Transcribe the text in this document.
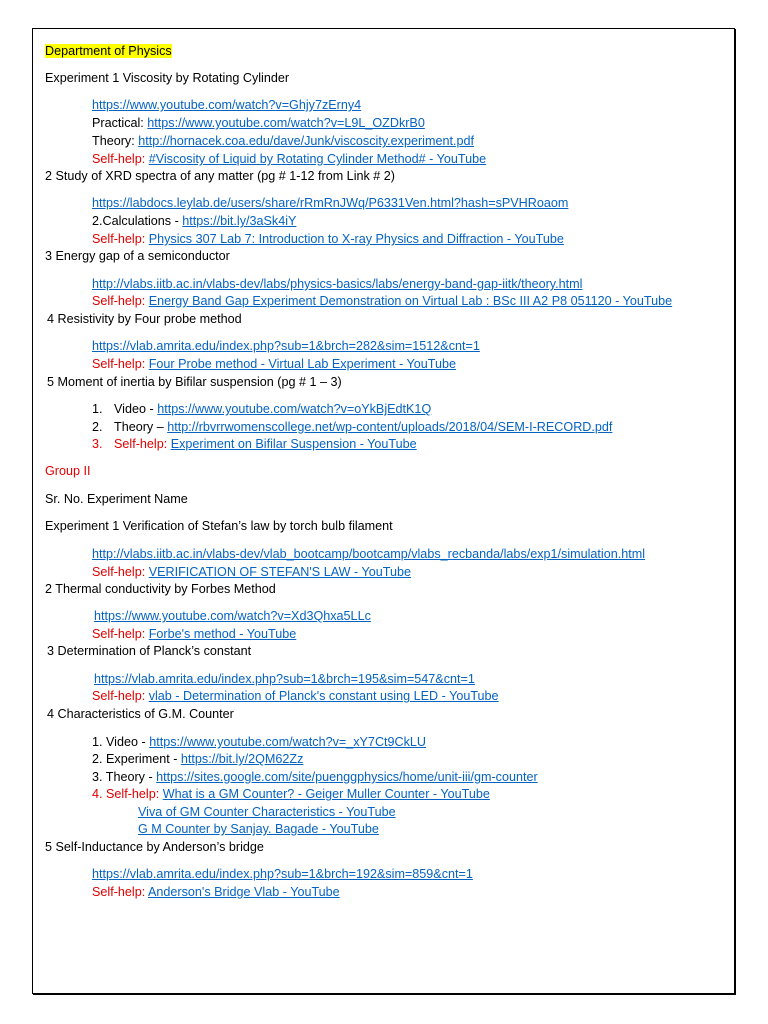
Department of Physics
Experiment 1 Viscosity by Rotating Cylinder
https://www.youtube.com/watch?v=Ghjy7zErny4
Practical: https://www.youtube.com/watch?v=L9L_OZDkrB0
Theory: http://hornacek.coa.edu/dave/Junk/viscoscity.experiment.pdf
Self-help: #Viscosity of Liquid by Rotating Cylinder Method# - YouTube
2 Study of XRD spectra of any matter (pg # 1-12 from Link # 2)
https://labdocs.leylab.de/users/share/rRmRnJWq/P6331Ven.html?hash=sPVHRoaom
2.Calculations - https://bit.ly/3aSk4iY
Self-help: Physics 307 Lab 7: Introduction to X-ray Physics and Diffraction - YouTube
3 Energy gap of a semiconductor
http://vlabs.iitb.ac.in/vlabs-dev/labs/physics-basics/labs/energy-band-gap-iitk/theory.html
Self-help: Energy Band Gap Experiment Demonstration on Virtual Lab : BSc III A2 P8 051120 - YouTube
4 Resistivity by Four probe method
https://vlab.amrita.edu/index.php?sub=1&brch=282&sim=1512&cnt=1
Self-help: Four Probe method - Virtual Lab Experiment - YouTube
5 Moment of inertia by Bifilar suspension (pg # 1 – 3)
1. Video - https://www.youtube.com/watch?v=oYkBjEdtK1Q
2. Theory – http://rbvrrwomenscollege.net/wp-content/uploads/2018/04/SEM-I-RECORD.pdf
3. Self-help: Experiment on Bifilar Suspension - YouTube
Group II
Sr. No. Experiment Name
Experiment 1 Verification of Stefan’s law by torch bulb filament
http://vlabs.iitb.ac.in/vlabs-dev/vlab_bootcamp/bootcamp/vlabs_recbanda/labs/exp1/simulation.html
Self-help: VERIFICATION OF STEFAN'S LAW - YouTube
2 Thermal conductivity by Forbes Method
https://www.youtube.com/watch?v=Xd3Qhxa5LLc
Self-help: Forbe's method - YouTube
3 Determination of Planck’s constant
https://vlab.amrita.edu/index.php?sub=1&brch=195&sim=547&cnt=1
Self-help: vlab - Determination of Planck's constant using LED - YouTube
4 Characteristics of G.M. Counter
1. Video - https://www.youtube.com/watch?v=_xY7Ct9CkLU
2. Experiment - https://bit.ly/2QM62Zz
3. Theory - https://sites.google.com/site/puenggphysics/home/unit-iii/gm-counter
4. Self-help: What is a GM Counter? - Geiger Muller Counter - YouTube
Viva of GM Counter Characteristics - YouTube
G M Counter by Sanjay. Bagade - YouTube
5 Self-Inductance by Anderson’s bridge
https://vlab.amrita.edu/index.php?sub=1&brch=192&sim=859&cnt=1
Self-help: Anderson's Bridge Vlab - YouTube
